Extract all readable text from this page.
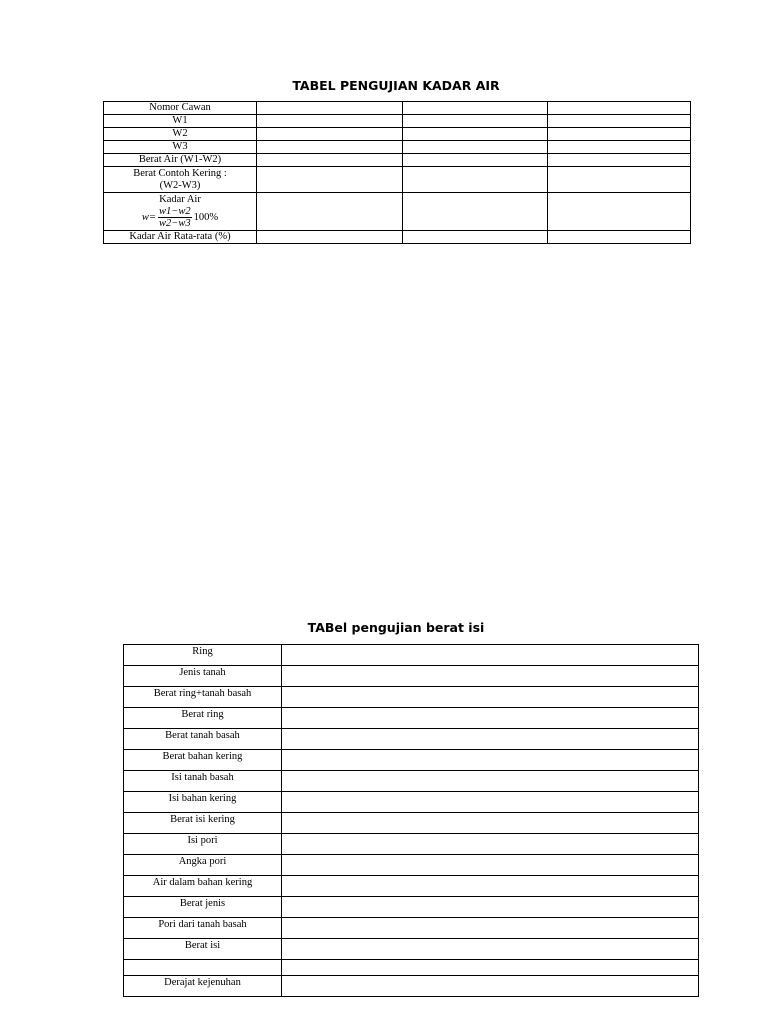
TABEL PENGUJIAN KADAR AIR
Nomor Cawan			
W1			
W2			
W3			
Berat Air (W1-W2)			

Berat Contoh Kering :
(W2-W3)			

Kadar Air
$w= \frac{w1-w2}{w2-w3} 100\%$			

Kadar Air Rata-rata (%)			
TABel pengujian berat isi
Ring	
Jenis tanah	
Berat ring+tanah basah	
Berat ring	
Berat tanah basah	
Berat bahan kering	
Isi tanah basah	
Isi bahan kering	
Berat isi kering	
Isi pori	
Angka pori	
Air dalam bahan kering	
Berat jenis	
Pori dari tanah basah	
Berat isi	

Derajat kejenuhan	
